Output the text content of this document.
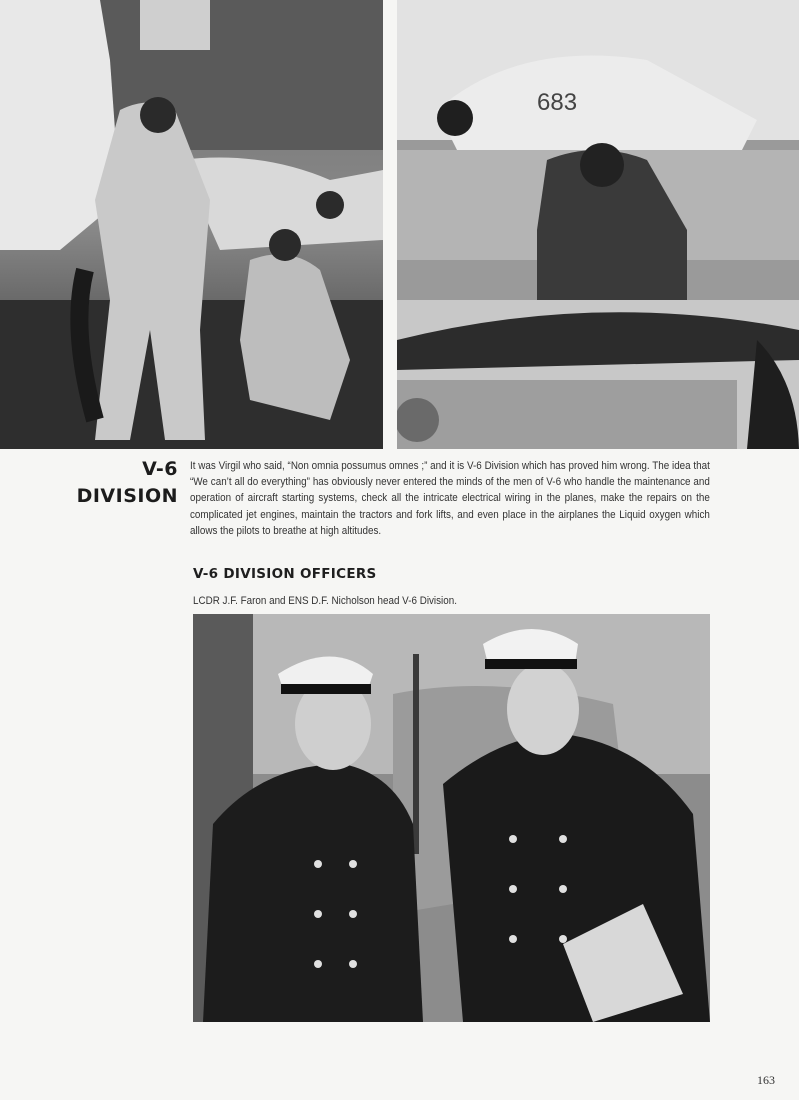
683
V-6
DIVISION
It was Virgil who said, “Non omnia possumus omnes ;” and it is V-6 Division which has proved him wrong. The idea that “We can’t all do everything” has obviously never entered the minds of the men of V-6 who handle the maintenance and operation of aircraft starting systems, check all the intricate electrical wiring in the planes, make the repairs on the complicated jet engines, maintain the tractors and fork lifts, and even place in the airplanes the Liquid oxygen which allows the pilots to breathe at high altitudes.
V-6 DIVISION OFFICERS
LCDR J.F. Faron and ENS D.F. Nicholson head V-6 Division.
163
